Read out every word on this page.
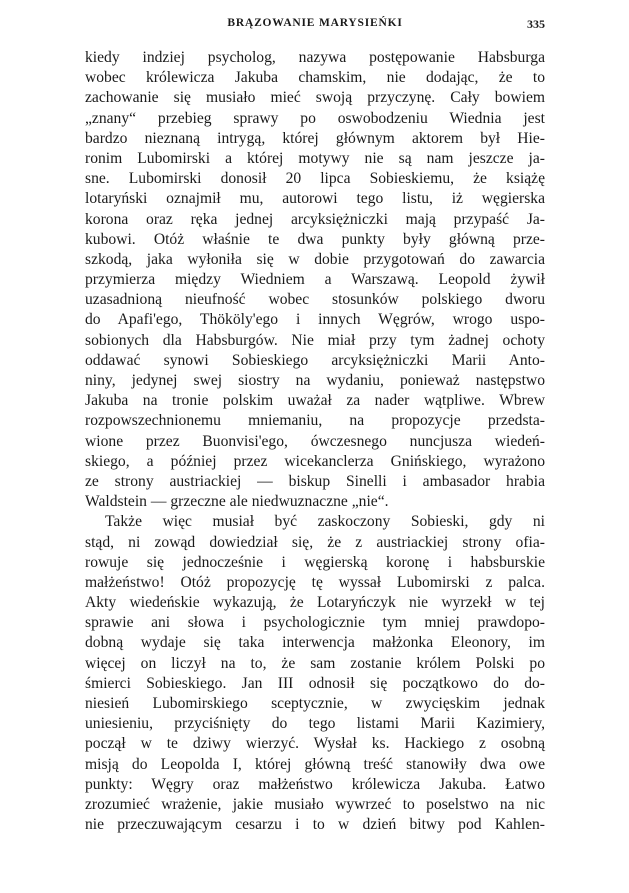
BRĄZOWANIE MARYSIEŃKI	335
kiedy indziej psycholog, nazywa postępowanie Habsburga
wobec królewicza Jakuba chamskim, nie dodając, że to
zachowanie się musiało mieć swoją przyczynę. Cały bowiem
„znany“ przebieg sprawy po oswobodzeniu Wiednia jest
bardzo nieznaną intrygą, której głównym aktorem był Hie-
ronim Lubomirski a której motywy nie są nam jeszcze ja-
sne. Lubomirski donosił 20 lipca Sobieskiemu, że książę
lotaryński oznajmił mu, autorowi tego listu, iż węgierska
korona oraz ręka jednej arcyksiężniczki mają przypaść Ja-
kubowi. Otóż właśnie te dwa punkty były główną prze-
szkodą, jaka wyłoniła się w dobie przygotowań do zawarcia
przymierza między Wiedniem a Warszawą. Leopold żywił
uzasadnioną nieufność wobec stosunków polskiego dworu
do Apafi'ego, Thököly'ego i innych Węgrów, wrogo uspo-
sobionych dla Habsburgów. Nie miał przy tym żadnej ochoty
oddawać synowi Sobieskiego arcyksiężniczki Marii Anto-
niny, jedynej swej siostry na wydaniu, ponieważ następstwo
Jakuba na tronie polskim uważał za nader wątpliwe. Wbrew
rozpowszechnionemu mniemaniu, na propozycje przedsta-
wione przez Buonvisi'ego, ówczesnego nuncjusza wiedeń-
skiego, a później przez wicekanclerza Gnińskiego, wyrażono
ze strony austriackiej — biskup Sinelli i ambasador hrabia
Waldstein — grzeczne ale niedwuznaczne „nie“.
Także więc musiał być zaskoczony Sobieski, gdy ni
stąd, ni zowąd dowiedział się, że z austriackiej strony ofia-
rowuje się jednocześnie i węgierską koronę i habsburskie
małżeństwo! Otóż propozycję tę wyssał Lubomirski z palca.
Akty wiedeńskie wykazują, że Lotaryńczyk nie wyrzekł w tej
sprawie ani słowa i psychologicznie tym mniej prawdopo-
dobną wydaje się taka interwencja małżonka Eleonory, im
więcej on liczył na to, że sam zostanie królem Polski po
śmierci Sobieskiego. Jan III odnosił się początkowo do do-
niesień Lubomirskiego sceptycznie, w zwycięskim jednak
uniesieniu, przyciśnięty do tego listami Marii Kazimiery,
począł w te dziwy wierzyć. Wysłał ks. Hackiego z osobną
misją do Leopolda I, której główną treść stanowiły dwa owe
punkty: Węgry oraz małżeństwo królewicza Jakuba. Łatwo
zrozumieć wrażenie, jakie musiało wywrzeć to poselstwo na nic
nie przeczuwającym cesarzu i to w dzień bitwy pod Kahlen-
